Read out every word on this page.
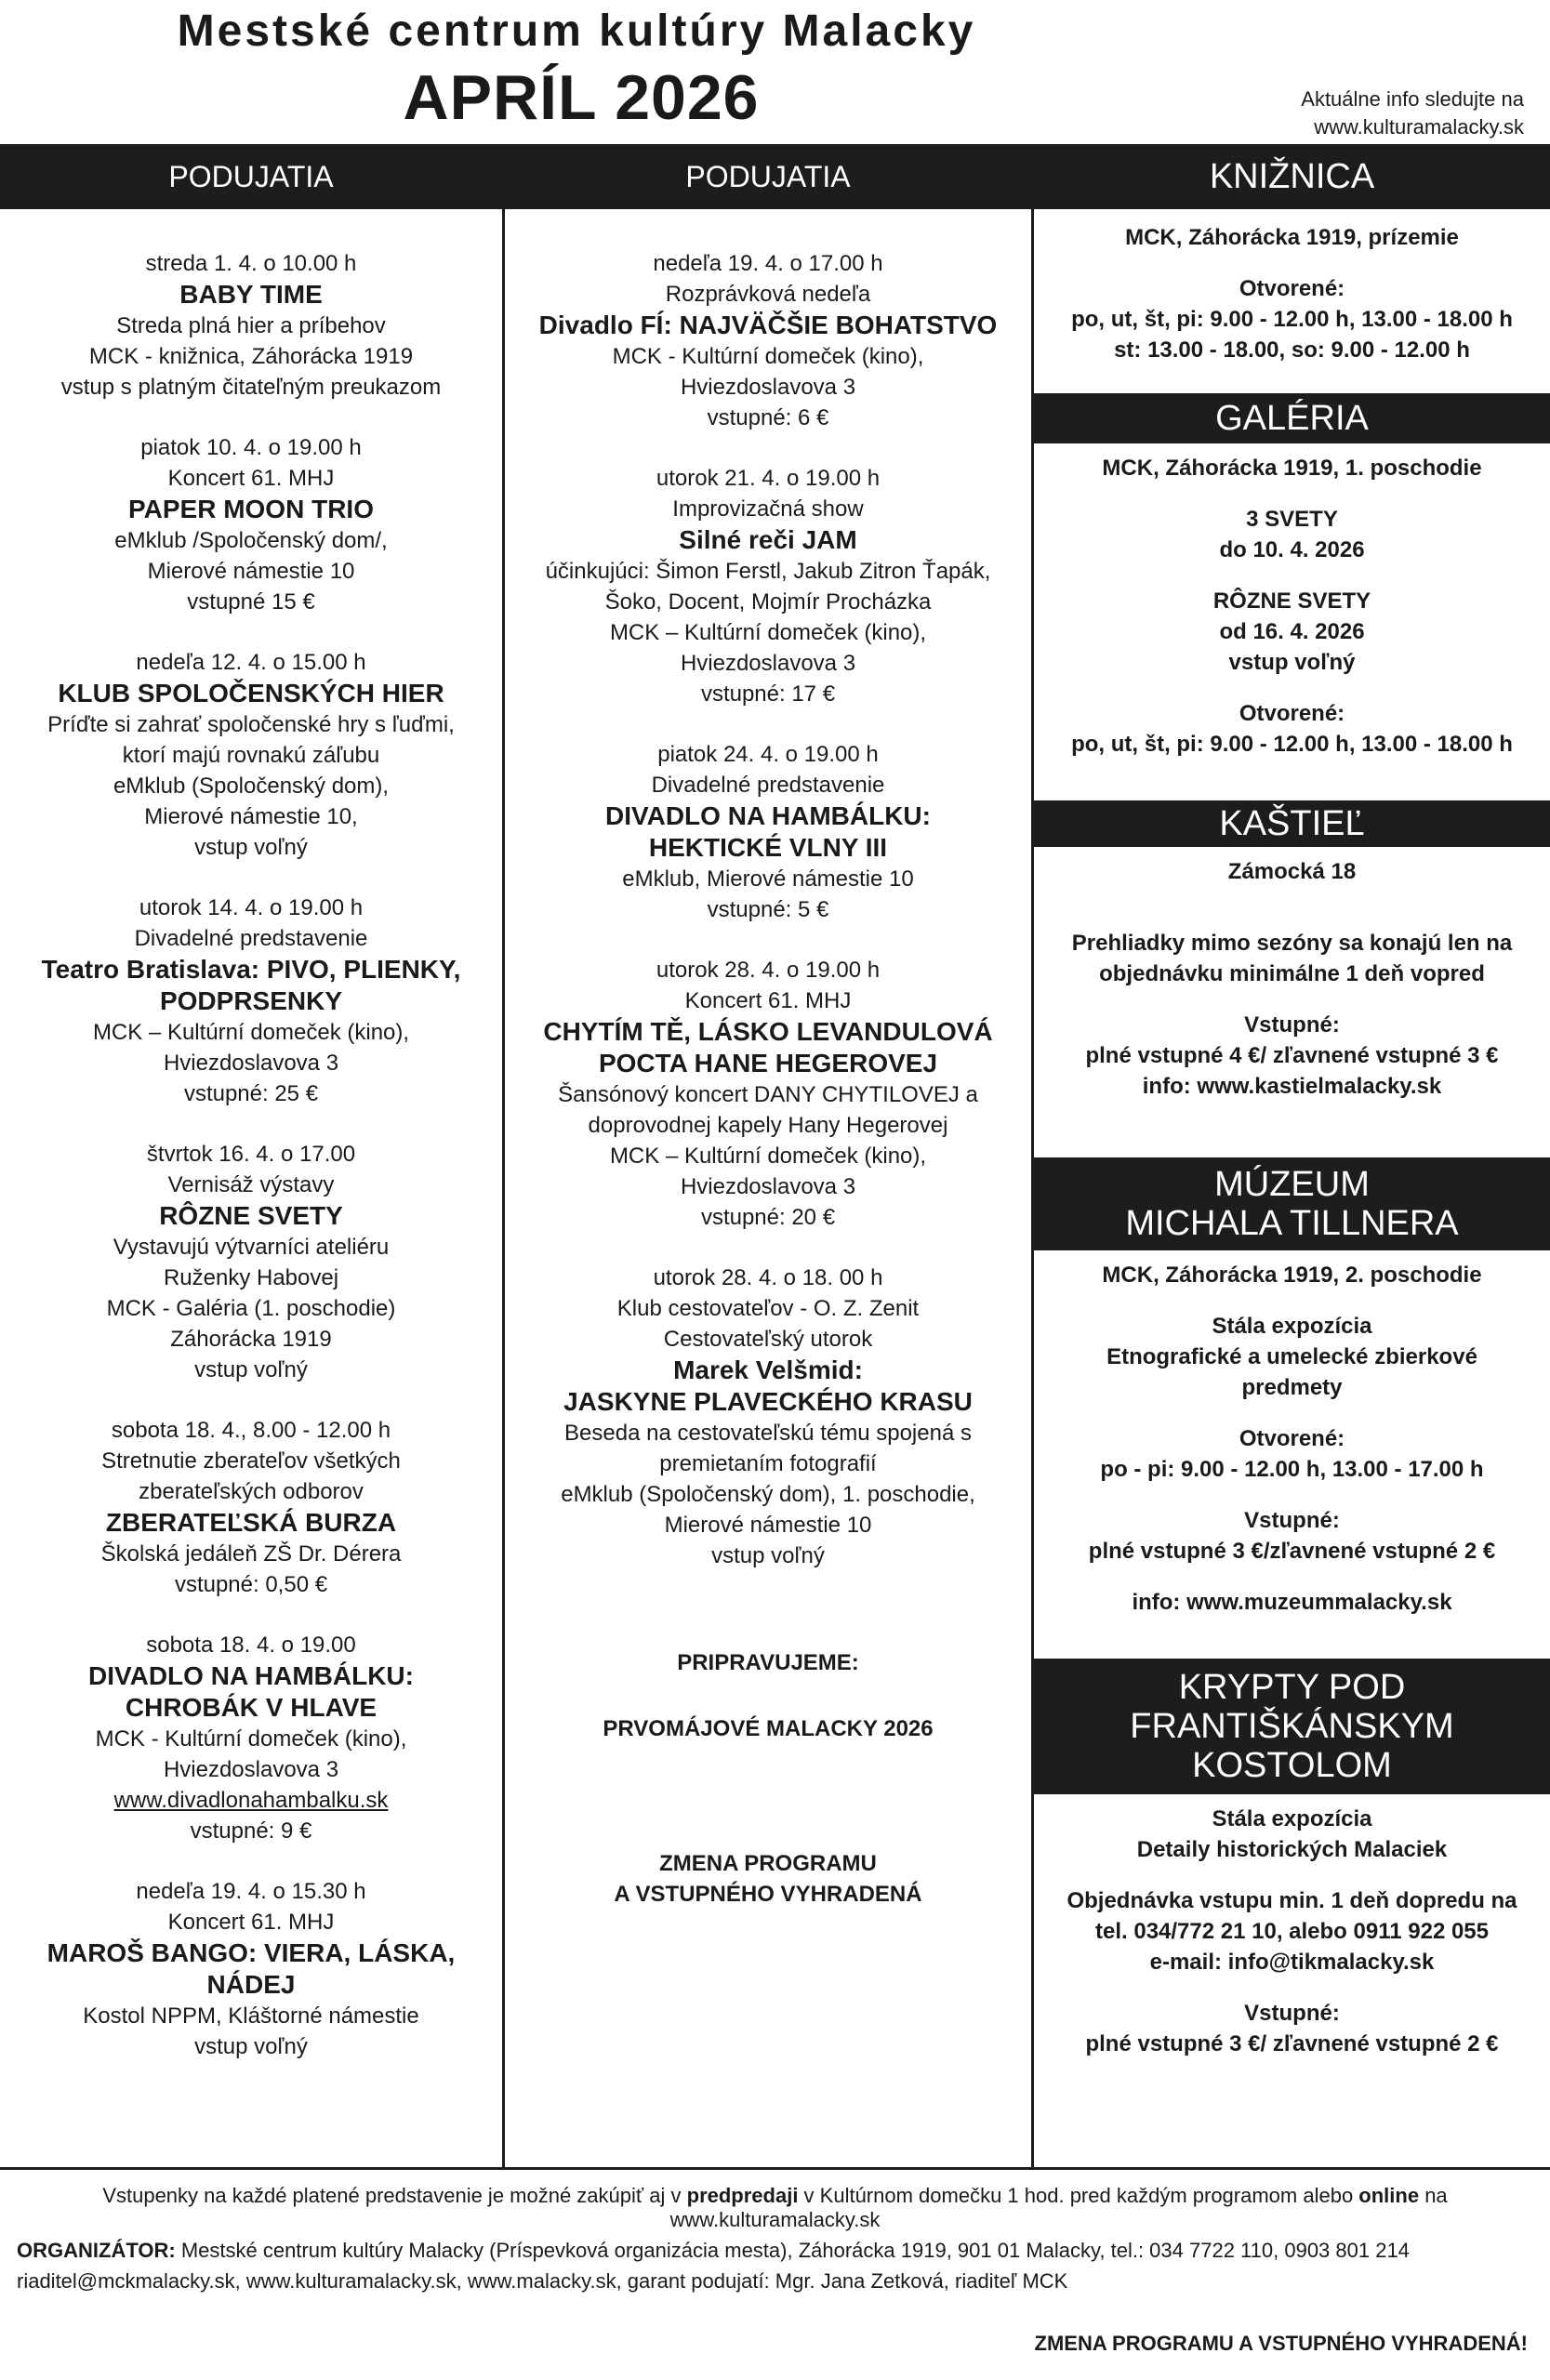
Mestské centrum kultúry Malacky
APRÍL 2026	Aktuálne info sledujte na
www.kulturamalacky.sk
PODUJATIA	PODUJATIA	KNIŽNICA
streda 1. 4. o 10.00 h
BABY TIME
Streda plná hier a príbehov
MCK - knižnica, Záhorácka 1919
vstup s platným čitateľným preukazom
piatok 10. 4. o 19.00 h
Koncert 61. MHJ
PAPER MOON TRIO
eMklub /Spoločenský dom/,
Mierové námestie 10
vstupné 15 €
nedeľa 12. 4. o 15.00 h
KLUB SPOLOČENSKÝCH HIER
Príďte si zahrať spoločenské hry s ľuďmi,
ktorí majú rovnakú záľubu
eMklub (Spoločenský dom),
Mierové námestie 10,
vstup voľný
utorok 14. 4. o 19.00 h
Divadelné predstavenie
Teatro Bratislava: PIVO, PLIENKY,
PODPRSENKY
MCK – Kultúrní domeček (kino),
Hviezdoslavova 3
vstupné: 25 €
štvrtok 16. 4. o 17.00
Vernisáž výstavy
RÔZNE SVETY
Vystavujú výtvarníci ateliéru
Ruženky Habovej
MCK - Galéria (1. poschodie)
Záhorácka 1919
vstup voľný
sobota 18. 4., 8.00 - 12.00 h
Stretnutie zberateľov všetkých
zberateľských odborov
ZBERATEĽSKÁ BURZA
Školská jedáleň ZŠ Dr. Dérera
vstupné: 0,50 €
sobota 18. 4. o 19.00
DIVADLO NA HAMBÁLKU:
CHROBÁK V HLAVE
MCK - Kultúrní domeček (kino),
Hviezdoslavova 3
www.divadlonahambalku.sk
vstupné: 9 €
nedeľa 19. 4. o 15.30 h
Koncert 61. MHJ
MAROŠ BANGO: VIERA, LÁSKA, NÁDEJ
Kostol NPPM, Kláštorné námestie
vstup voľný
nedeľa 19. 4. o 17.00 h
Rozprávková nedeľa
Divadlo FÍ: NAJVÄČŠIE BOHATSTVO
MCK - Kultúrní domeček (kino),
Hviezdoslavova 3
vstupné: 6 €
utorok 21. 4. o 19.00 h
Improvizačná show
Silné reči JAM
účinkujúci: Šimon Ferstl, Jakub Zitron Ťapák,
Šoko, Docent, Mojmír Procházka
MCK – Kultúrní domeček (kino),
Hviezdoslavova 3
vstupné: 17 €
piatok 24. 4. o 19.00 h
Divadelné predstavenie
DIVADLO NA HAMBÁLKU:
HEKTICKÉ VLNY III
eMklub, Mierové námestie 10
vstupné: 5 €
utorok 28. 4. o 19.00 h
Koncert 61. MHJ
CHYTÍM TĚ, LÁSKO LEVANDULOVÁ
POCTA HANE HEGEROVEJ
Šansónový koncert DANY CHYTILOVEJ a
doprovodnej kapely Hany Hegerovej
MCK – Kultúrní domeček (kino),
Hviezdoslavova 3
vstupné: 20 €
utorok 28. 4. o 18. 00 h
Klub cestovateľov - O. Z. Zenit
Cestovateľský utorok
Marek Velšmid:
JASKYNE PLAVECKÉHO KRASU
Beseda na cestovateľskú tému spojená s
premietaním fotografií
eMklub (Spoločenský dom), 1. poschodie,
Mierové námestie 10
vstup voľný
PRIPRAVUJEME:
PRVOMÁJOVÉ MALACKY 2026
ZMENA PROGRAMU
A VSTUPNÉHO VYHRADENÁ
MCK, Záhorácka 1919, prízemie
Otvorené:
po, ut, št, pi: 9.00 - 12.00 h, 13.00 - 18.00 h
st: 13.00 - 18.00, so: 9.00 - 12.00 h
GALÉRIA
MCK, Záhorácka 1919, 1. poschodie
3 SVETY
do 10. 4. 2026
RÔZNE SVETY
od 16. 4. 2026
vstup voľný
Otvorené:
po, ut, št, pi: 9.00 - 12.00 h, 13.00 - 18.00 h
KAŠTIEĽ
Zámocká 18
Prehliadky mimo sezóny sa konajú len na
objednávku minimálne 1 deň vopred
Vstupné:
plné vstupné 4 €/ zľavnené vstupné 3 €
info: www.kastielmalacky.sk
MÚZEUM
MICHALA TILLNERA
MCK, Záhorácka 1919, 2. poschodie
Stála expozícia
Etnografické a umelecké zbierkové
predmety
Otvorené:
po - pi: 9.00 - 12.00 h, 13.00 - 17.00 h
Vstupné:
plné vstupné 3 €/zľavnené vstupné 2 €
info: www.muzeummalacky.sk
KRYPTY POD
FRANTIŠKÁNSKYM
KOSTOLOM
Stála expozícia
Detaily historických Malaciek
Objednávka vstupu min. 1 deň dopredu na
tel. 034/772 21 10, alebo 0911 922 055
e-mail: info@tikmalacky.sk
Vstupné:
plné vstupné 3 €/ zľavnené vstupné 2 €
Vstupenky na každé platené predstavenie je možné zakúpiť aj v predpredaji v Kultúrnom domečku 1 hod. pred každým programom alebo online na www.kulturamalacky.sk
ORGANIZÁTOR: Mestské centrum kultúry Malacky (Príspevková organizácia mesta), Záhorácka 1919, 901 01 Malacky, tel.: 034 7722 110, 0903 801 214
riaditel@mckmalacky.sk, www.kulturamalacky.sk, www.malacky.sk, garant podujatí: Mgr. Jana Zetková, riaditeľ MCK
ZMENA PROGRAMU A VSTUPNÉHO VYHRADENÁ!
